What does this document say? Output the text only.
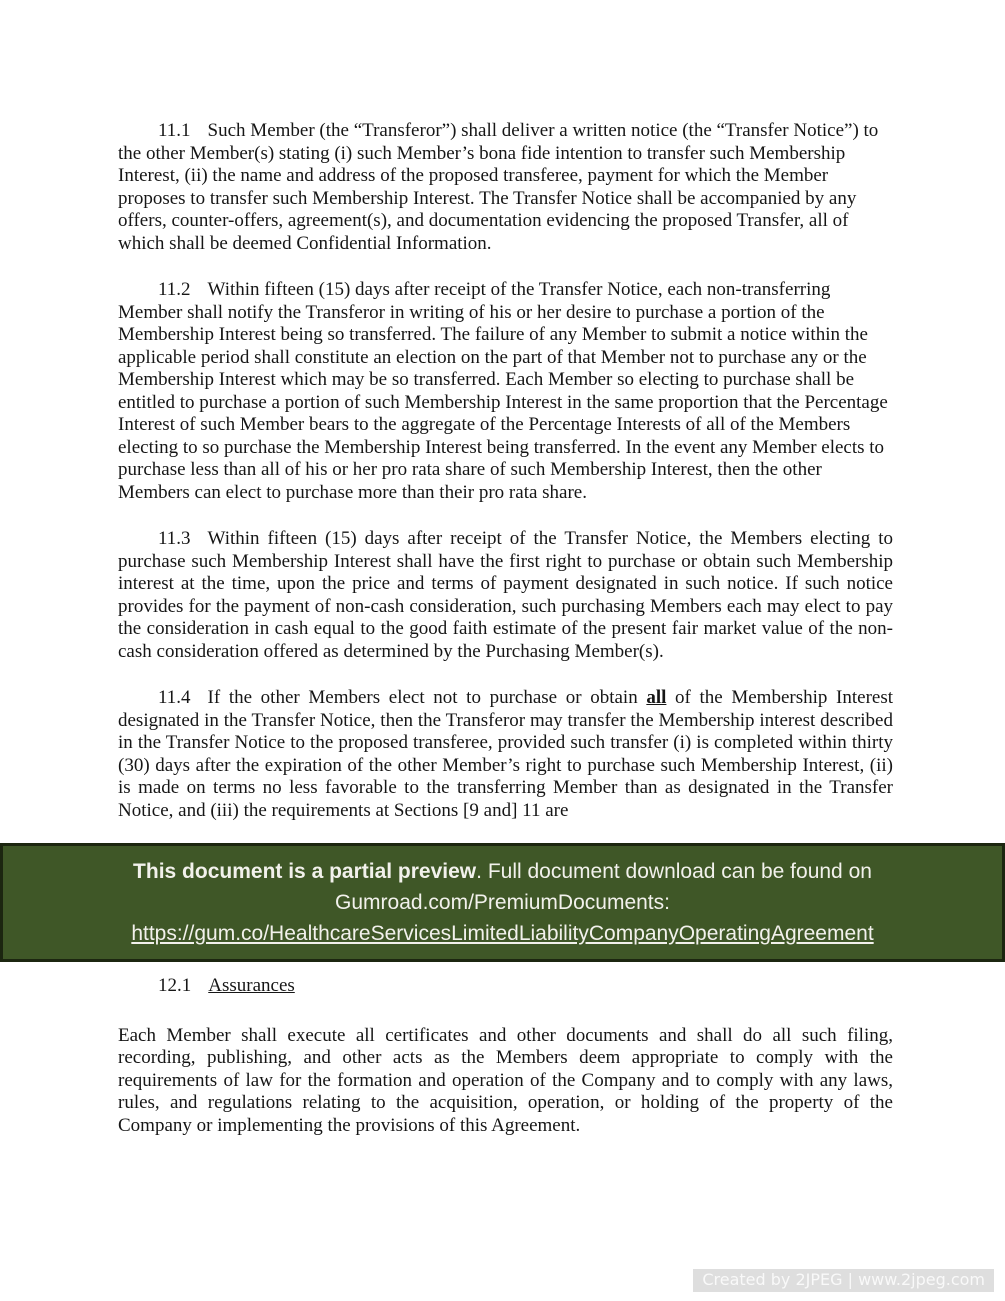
11.1 Such Member (the “Transferor”) shall deliver a written notice (the “Transfer Notice”) to the other Member(s) stating (i) such Member’s bona fide intention to transfer such Membership Interest, (ii) the name and address of the proposed transferee, payment for which the Member proposes to transfer such Membership Interest. The Transfer Notice shall be accompanied by any offers, counter-offers, agreement(s), and documentation evidencing the proposed Transfer, all of which shall be deemed Confidential Information.

11.2 Within fifteen (15) days after receipt of the Transfer Notice, each non-transferring Member shall notify the Transferor in writing of his or her desire to purchase a portion of the Membership Interest being so transferred. The failure of any Member to submit a notice within the applicable period shall constitute an election on the part of that Member not to purchase any or the Membership Interest which may be so transferred. Each Member so electing to purchase shall be entitled to purchase a portion of such Membership Interest in the same proportion that the Percentage Interest of such Member bears to the aggregate of the Percentage Interests of all of the Members electing to so purchase the Membership Interest being transferred. In the event any Member elects to purchase less than all of his or her pro rata share of such Membership Interest, then the other Members can elect to purchase more than their pro rata share.

11.3 Within fifteen (15) days after receipt of the Transfer Notice, the Members electing to purchase such Membership Interest shall have the first right to purchase or obtain such Membership interest at the time, upon the price and terms of payment designated in such notice. If such notice provides for the payment of non-cash consideration, such purchasing Members each may elect to pay the consideration in cash equal to the good faith estimate of the present fair market value of the non-cash consideration offered as determined by the Purchasing Member(s).

11.4 If the other Members elect not to purchase or obtain all of the Membership Interest designated in the Transfer Notice, then the Transferor may transfer the Membership interest described in the Transfer Notice to the proposed transferee, provided such transfer (i) is completed within thirty (30) days after the expiration of the other Member’s right to purchase such Membership Interest, (ii) is made on terms no less favorable to the transferring Member than as designated in the Transfer Notice, and (iii) the requirements at Sections [9 and] 11 are

This document is a partial preview. Full document download can be found on Gumroad.com/PremiumDocuments:
https://gum.co/HealthcareServicesLimitedLiabilityCompanyOperatingAgreement

12.1 Assurances

Each Member shall execute all certificates and other documents and shall do all such filing, recording, publishing, and other acts as the Members deem appropriate to comply with the requirements of law for the formation and operation of the Company and to comply with any laws, rules, and regulations relating to the acquisition, operation, or holding of the property of the Company or implementing the provisions of this Agreement.

Created by 2JPEG | www.2jpeg.com
